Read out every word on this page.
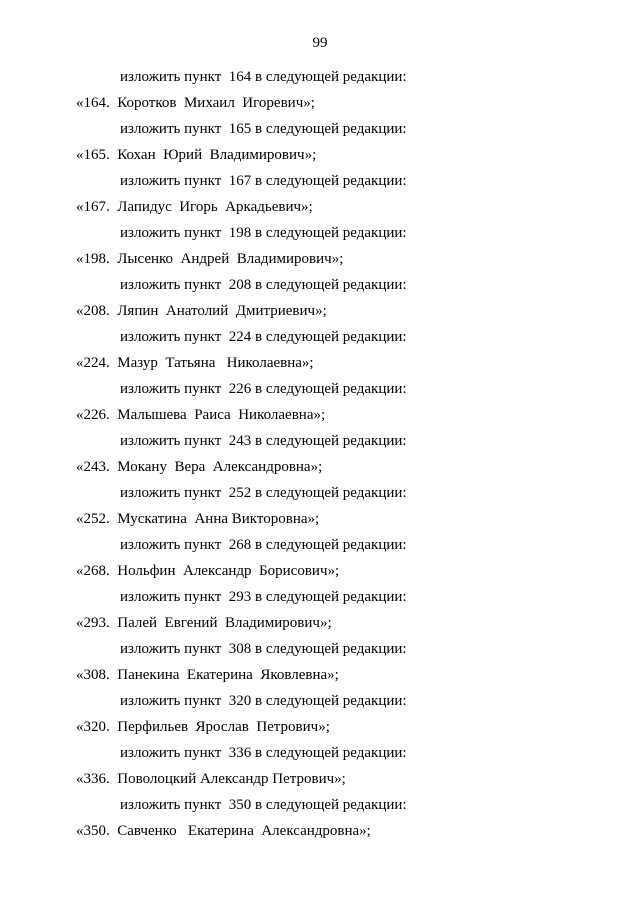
99
изложить пункт  164 в следующей редакции:
«164.  Коротков  Михаил  Игоревич»;
изложить пункт  165 в следующей редакции:
«165.  Кохан  Юрий  Владимирович»;
изложить пункт  167 в следующей редакции:
«167.  Лапидус  Игорь  Аркадьевич»;
изложить пункт  198 в следующей редакции:
«198.  Лысенко  Андрей  Владимирович»;
изложить пункт  208 в следующей редакции:
«208.  Ляпин  Анатолий  Дмитриевич»;
изложить пункт  224 в следующей редакции:
«224.  Мазур  Татьяна   Николаевна»;
изложить пункт  226 в следующей редакции:
«226.  Малышева  Раиса  Николаевна»;
изложить пункт  243 в следующей редакции:
«243.  Мокану  Вера  Александровна»;
изложить пункт  252 в следующей редакции:
«252.  Мускатина  Анна Викторовна»;
изложить пункт  268 в следующей редакции:
«268.  Нольфин  Александр  Борисович»;
изложить пункт  293 в следующей редакции:
«293.  Палей  Евгений  Владимирович»;
изложить пункт  308 в следующей редакции:
«308.  Панекина  Екатерина  Яковлевна»;
изложить пункт  320 в следующей редакции:
«320.  Перфильев  Ярослав  Петрович»;
изложить пункт  336 в следующей редакции:
«336.  Поволоцкий Александр Петрович»;
изложить пункт  350 в следующей редакции:
«350.  Савченко   Екатерина  Александровна»;
